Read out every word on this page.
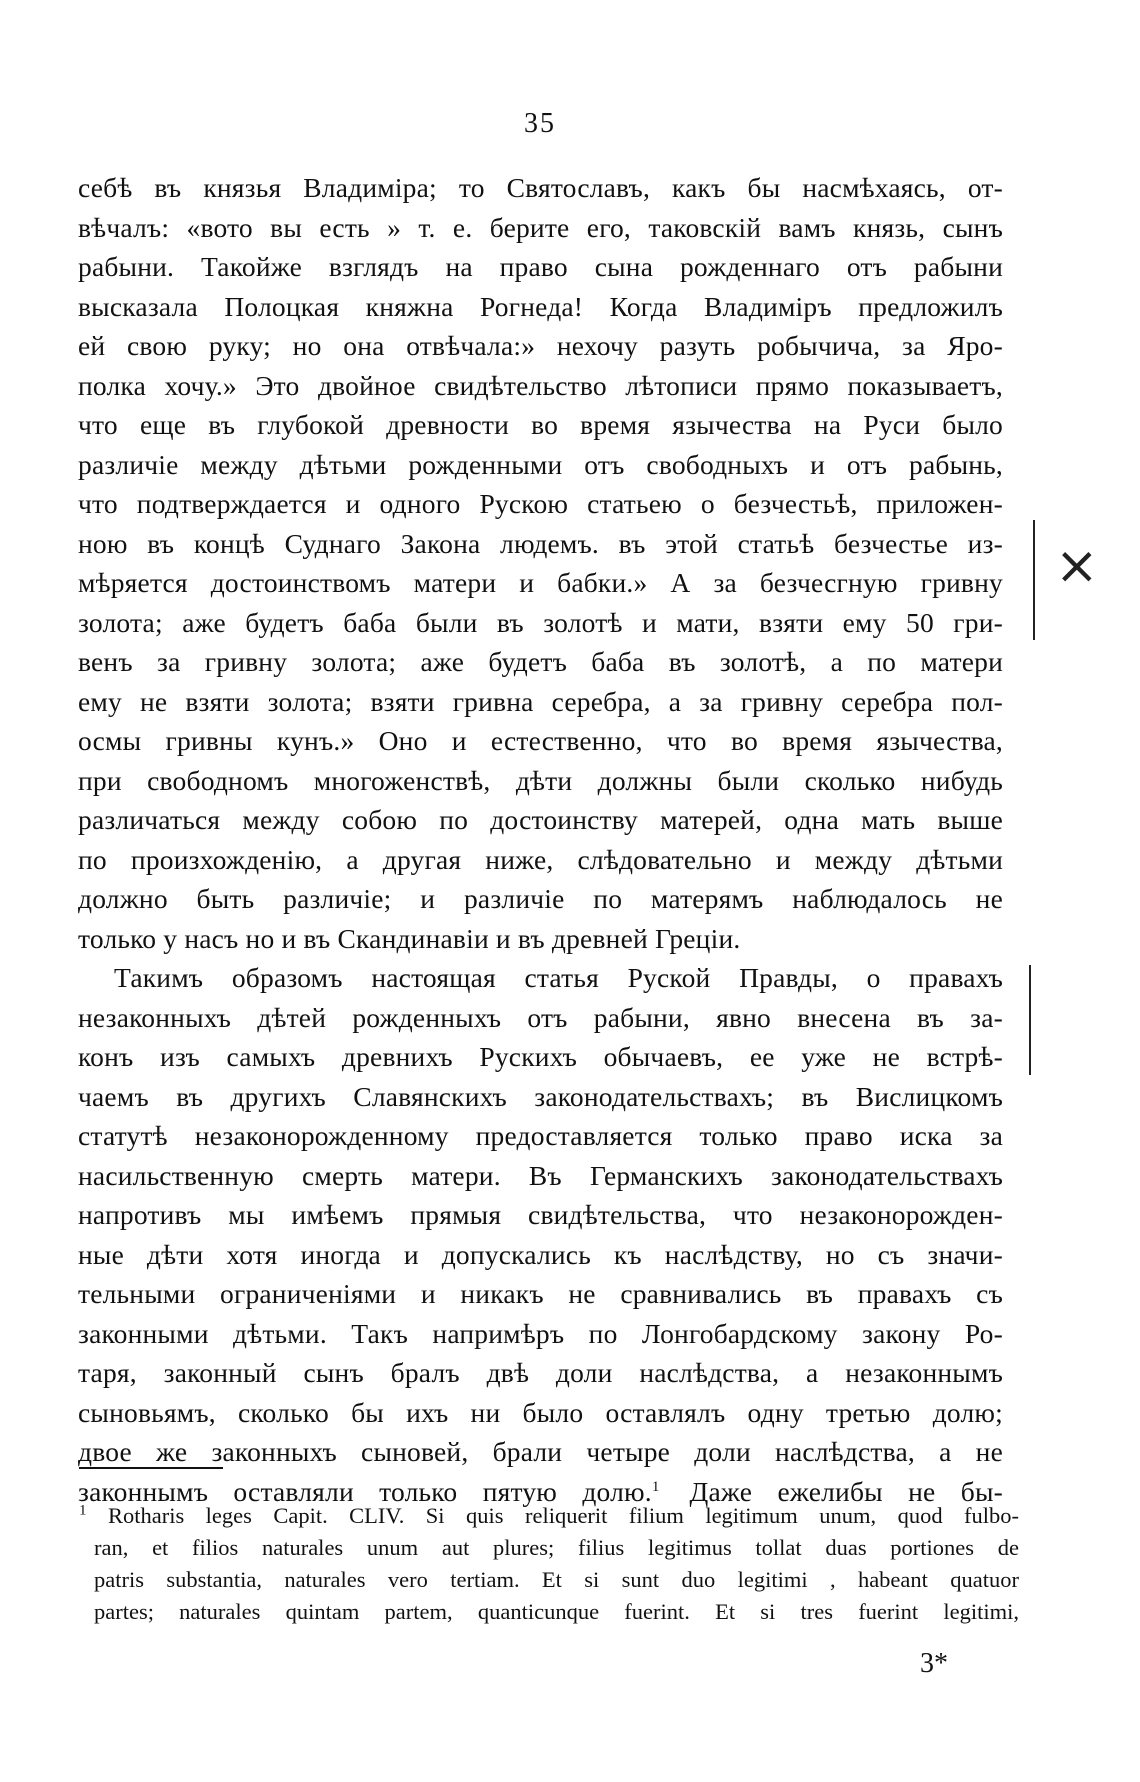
35
себѣ въ князья Владиміра; то Святославъ, какъ бы насмѣхаясь, от-
вѣчалъ: «вото вы есть » т. е. берите его, таковскій вамъ князь, сынъ
рабыни. Такойже взглядъ на право сына рожденнаго отъ рабыни
высказала Полоцкая княжна Рогнеда! Когда Владиміръ предложилъ
ей свою руку; но она отвѣчала:» нехочу разуть робычича, за Яро-
полка хочу.» Это двойное свидѣтельство лѣтописи прямо показываетъ,
что еще въ глубокой древности во время язычества на Руси было
различіе между дѣтьми рожденными отъ свободныхъ и отъ рабынь,
что подтверждается и одного Рускою статьею о безчестьѣ, приложен-
ною въ концѣ Суднаго Закона людемъ. въ этой статьѣ безчестье из-
мѣряется достоинствомъ матери и бабки.» А за безчесгную гривну
золота; аже будетъ баба были въ золотѣ и мати, взяти ему 50 гри-
венъ за гривну золота; аже будетъ баба въ золотѣ, а по матери
ему не взяти золота; взяти гривна серебра, а за гривну серебра пол-
осмы гривны кунъ.» Оно и естественно, что во время язычества,
при свободномъ многоженствѣ, дѣти должны были сколько нибудь
различаться между собою по достоинству матерей, одна мать выше
по произхожденію, а другая ниже, слѣдовательно и между дѣтьми
должно быть различіе; и различіе по матерямъ наблюдалось не
только у насъ но и въ Скандинавіи и въ древней Греціи.
Такимъ образомъ настоящая статья Руской Правды, о правахъ
незаконныхъ дѣтей рожденныхъ отъ рабыни, явно внесена въ за-
конъ изъ самыхъ древнихъ Рускихъ обычаевъ, ее уже не встрѣ-
чаемъ въ другихъ Славянскихъ законодательствахъ; въ Вислицкомъ
статутѣ незаконорожденному предоставляется только право иска за
насильственную смерть матери. Въ Германскихъ законодательствахъ
напротивъ мы имѣемъ прямыя свидѣтельства, что незаконорожден-
ные дѣти хотя иногда и допускались къ наслѣдству, но съ значи-
тельными ограниченіями и никакъ не сравнивались въ правахъ съ
законными дѣтьми. Такъ напримѣръ по Лонгобардскому закону Ро-
таря, законный сынъ бралъ двѣ доли наслѣдства, а незаконнымъ
сыновьямъ, сколько бы ихъ ни было оставлялъ одну третью долю;
двое же законныхъ сыновей, брали четыре доли наслѣдства, а не
законнымъ оставляли только пятую долю.$^1$ Даже ежелибы не бы-
$^1$ Rotharis leges Capit. CLIV. Si quis reliquerit filium legitimum unum, quod fulbo-
ran, et filios naturales unum aut plures; filius legitimus tollat duas portiones de
patris substantia, naturales vero tertiam. Et si sunt duo legitimi , habeant quatuor
partes; naturales quintam partem, quanticunque fuerint. Et si tres fuerint legitimi,
3*
⨯
